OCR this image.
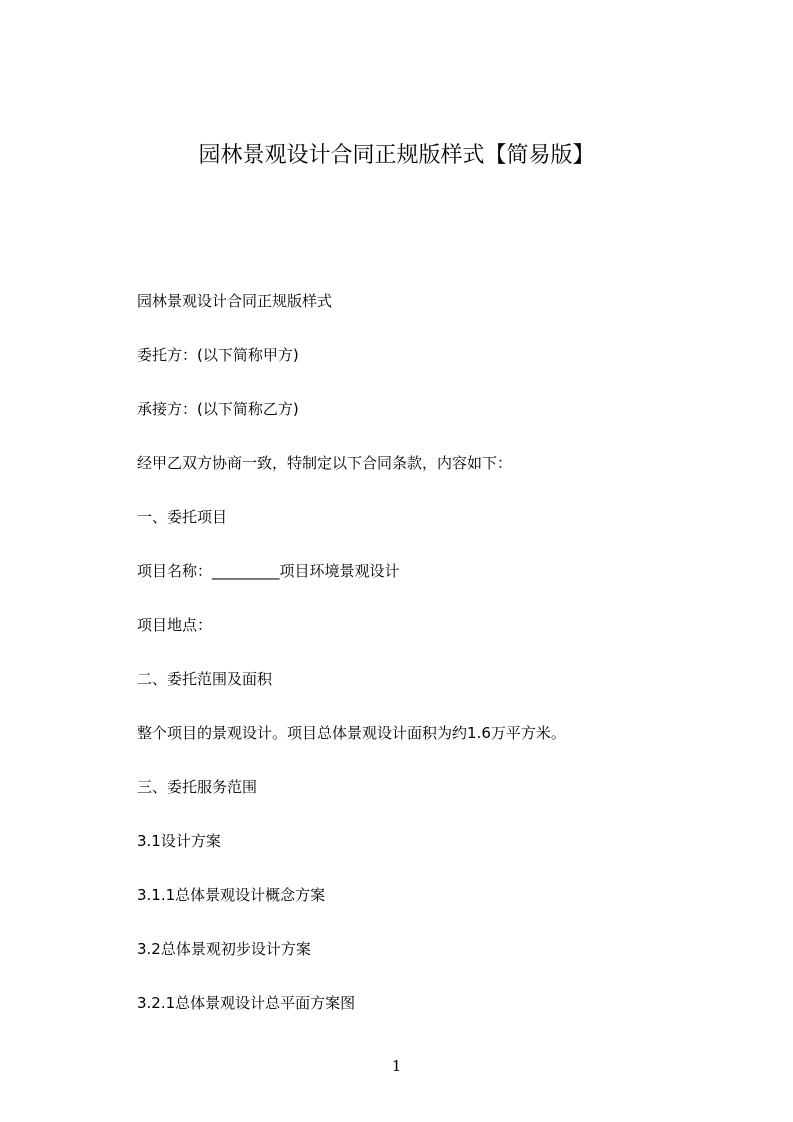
园林景观设计合同正规版样式【简易版】
园林景观设计合同正规版样式
委托方：(以下简称甲方)
承接方：(以下简称乙方)
经甲乙双方协商一致，特制定以下合同条款，内容如下：
一、委托项目
项目名称：_________项目环境景观设计
项目地点：
二、委托范围及面积
整个项目的景观设计。项目总体景观设计面积为约1.6万平方米。
三、委托服务范围
3.1设计方案
3.1.1总体景观设计概念方案
3.2总体景观初步设计方案
3.2.1总体景观设计总平面方案图
1
